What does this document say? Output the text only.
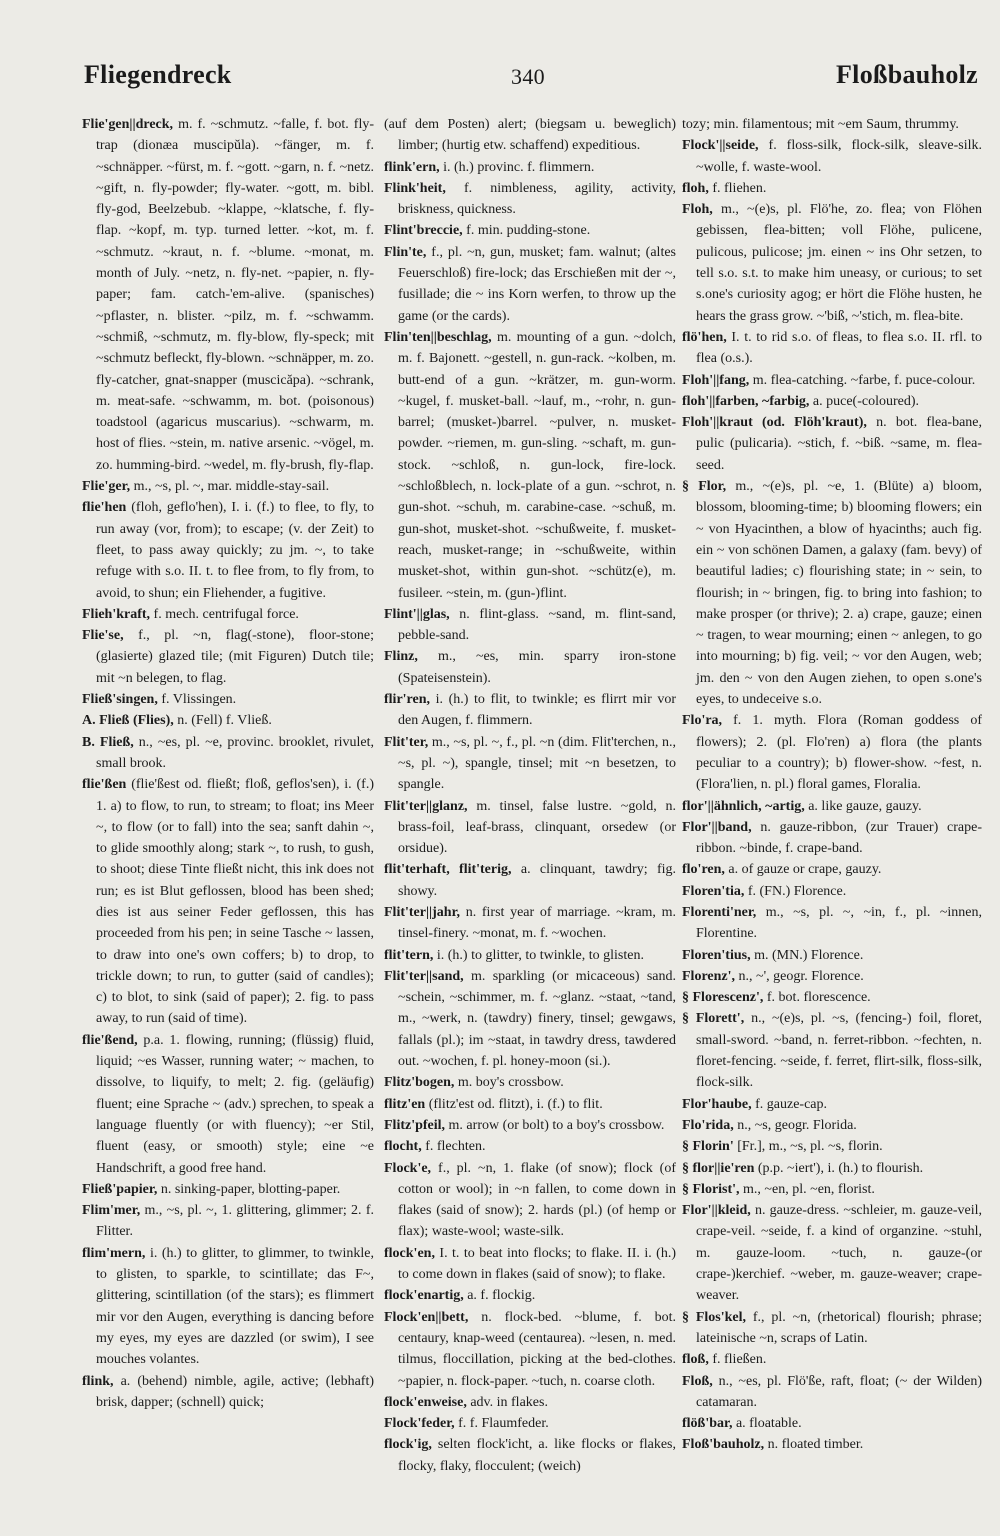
Fliegendreck	340	Floßbauholz

Flie'gen||dreck, m. f. ~schmutz. ~falle, f. bot. fly-trap (dionæa muscipŭla). ~fänger, m. f. ~schnäpper. ~fürst, m. f. ~gott. ~garn, n. f. ~netz. ~gift, n. fly-powder; fly-water. ~gott, m. bibl. fly-god, Beelzebub. ~klappe, ~klatsche, f. fly-flap. ~kopf, m. typ. turned letter. ~kot, m. f. ~schmutz. ~kraut, n. f. ~blume. ~monat, m. month of July. ~netz, n. fly-net. ~papier, n. fly-paper; fam. catch-'em-alive. (spanisches) ~pflaster, n. blister. ~pilz, m. f. ~schwamm. ~schmiß, ~schmutz, m. fly-blow, fly-speck; mit ~schmutz befleckt, fly-blown. ~schnäpper, m. zo. fly-catcher, gnat-snapper (muscicăpa). ~schrank, m. meat-safe. ~schwamm, m. bot. (poisonous) toadstool (agaricus muscarius). ~schwarm, m. host of flies. ~stein, m. native arsenic. ~vögel, m. zo. humming-bird. ~wedel, m. fly-brush, fly-flap.

Flie'ger, m., ~s, pl. ~, mar. middle-stay-sail.

flie'hen (floh, geflo'hen), I. i. (f.) to flee, to fly, to run away (vor, from); to escape; (v. der Zeit) to fleet, to pass away quickly; zu jm. ~, to take refuge with s.o. II. t. to flee from, to fly from, to avoid, to shun; ein Fliehender, a fugitive.

Flieh'kraft, f. mech. centrifugal force.

Flie'se, f., pl. ~n, flag(-stone), floor-stone; (glasierte) glazed tile; (mit Figuren) Dutch tile; mit ~n belegen, to flag.

Fließ'singen, f. Vlissingen.

A. Fließ (Flies), n. (Fell) f. Vließ.

B. Fließ, n., ~es, pl. ~e, provinc. brooklet, rivulet, small brook.

flie'ßen (flie'ßest od. fließt; floß, geflos'sen), i. (f.) 1. a) to flow, to run, to stream; to float; ins Meer ~, to flow (or to fall) into the sea; sanft dahin ~, to glide smoothly along; stark ~, to rush, to gush, to shoot; diese Tinte fließt nicht, this ink does not run; es ist Blut geflossen, blood has been shed; dies ist aus seiner Feder geflossen, this has proceeded from his pen; in seine Tasche ~ lassen, to draw into one's own coffers; b) to drop, to trickle down; to run, to gutter (said of candles); c) to blot, to sink (said of paper); 2. fig. to pass away, to run (said of time).

flie'ßend, p.a. 1. flowing, running; (flüssig) fluid, liquid; ~es Wasser, running water; ~ machen, to dissolve, to liquify, to melt; 2. fig. (geläufig) fluent; eine Sprache ~ (adv.) sprechen, to speak a language fluently (or with fluency); ~er Stil, fluent (easy, or smooth) style; eine ~e Handschrift, a good free hand.

Fließ'papier, n. sinking-paper, blotting-paper.

Flim'mer, m., ~s, pl. ~, 1. glittering, glimmer; 2. f. Flitter.

flim'mern, i. (h.) to glitter, to glimmer, to twinkle, to glisten, to sparkle, to scintillate; das F~, glittering, scintillation (of the stars); es flimmert mir vor den Augen, everything is dancing before my eyes, my eyes are dazzled (or swim), I see mouches volantes.

flink, a. (behend) nimble, agile, active; (lebhaft) brisk, dapper; (schnell) quick;

(auf dem Posten) alert; (biegsam u. beweglich) limber; (hurtig etw. schaffend) expeditious.

flink'ern, i. (h.) provinc. f. flimmern.

Flink'heit, f. nimbleness, agility, activity, briskness, quickness.

Flint'breccie, f. min. pudding-stone.

Flin'te, f., pl. ~n, gun, musket; fam. walnut; (altes Feuerschloß) fire-lock; das Erschießen mit der ~, fusillade; die ~ ins Korn werfen, to throw up the game (or the cards).

Flin'ten||beschlag, m. mounting of a gun. ~dolch, m. f. Bajonett. ~gestell, n. gun-rack. ~kolben, m. butt-end of a gun. ~krätzer, m. gun-worm. ~kugel, f. musket-ball. ~lauf, m., ~rohr, n. gun-barrel; (musket-)barrel. ~pulver, n. musket-powder. ~riemen, m. gun-sling. ~schaft, m. gun-stock. ~schloß, n. gun-lock, fire-lock. ~schloßblech, n. lock-plate of a gun. ~schrot, n. gun-shot. ~schuh, m. carabine-case. ~schuß, m. gun-shot, musket-shot. ~schußweite, f. musket-reach, musket-range; in ~schußweite, within musket-shot, within gun-shot. ~schütz(e), m. fusileer. ~stein, m. (gun-)flint.

Flint'||glas, n. flint-glass. ~sand, m. flint-sand, pebble-sand.

Flinz, m., ~es, min. sparry iron-stone (Spateisenstein).

flir'ren, i. (h.) to flit, to twinkle; es flirrt mir vor den Augen, f. flimmern.

Flit'ter, m., ~s, pl. ~, f., pl. ~n (dim. Flit'terchen, n., ~s, pl. ~), spangle, tinsel; mit ~n besetzen, to spangle.

Flit'ter||glanz, m. tinsel, false lustre. ~gold, n. brass-foil, leaf-brass, clinquant, orsedew (or orsidue).

flit'terhaft, flit'terig, a. clinquant, tawdry; fig. showy.

Flit'ter||jahr, n. first year of marriage. ~kram, m. tinsel-finery. ~monat, m. f. ~wochen.

flit'tern, i. (h.) to glitter, to twinkle, to glisten.

Flit'ter||sand, m. sparkling (or micaceous) sand. ~schein, ~schimmer, m. f. ~glanz. ~staat, ~tand, m., ~werk, n. (tawdry) finery, tinsel; gewgaws, fallals (pl.); im ~staat, in tawdry dress, tawdered out. ~wochen, f. pl. honey-moon (si.).

Flitz'bogen, m. boy's crossbow.

flitz'en (flitz'est od. flitzt), i. (f.) to flit.

Flitz'pfeil, m. arrow (or bolt) to a boy's crossbow.

flocht, f. flechten.

Flock'e, f., pl. ~n, 1. flake (of snow); flock (of cotton or wool); in ~n fallen, to come down in flakes (said of snow); 2. hards (pl.) (of hemp or flax); waste-wool; waste-silk.

flock'en, I. t. to beat into flocks; to flake. II. i. (h.) to come down in flakes (said of snow); to flake.

flock'enartig, a. f. flockig.

Flock'en||bett, n. flock-bed. ~blume, f. bot. centaury, knap-weed (centaurea). ~lesen, n. med. tilmus, floccillation, picking at the bed-clothes. ~papier, n. flock-paper. ~tuch, n. coarse cloth.

flock'enweise, adv. in flakes.

Flock'feder, f. f. Flaumfeder.

flock'ig, selten flock'icht, a. like flocks or flakes, flocky, flaky, flocculent; (weich)

tozy; min. filamentous; mit ~em Saum, thrummy.

Flock'||seide, f. floss-silk, flock-silk, sleave-silk. ~wolle, f. waste-wool.

floh, f. fliehen.

Floh, m., ~(e)s, pl. Flö'he, zo. flea; von Flöhen gebissen, flea-bitten; voll Flöhe, pulicene, pulicous, pulicose; jm. einen ~ ins Ohr setzen, to tell s.o. s.t. to make him uneasy, or curious; to set s.one's curiosity agog; er hört die Flöhe husten, he hears the grass grow. ~'biß, ~'stich, m. flea-bite.

flö'hen, I. t. to rid s.o. of fleas, to flea s.o. II. rfl. to flea (o.s.).

Floh'||fang, m. flea-catching. ~farbe, f. puce-colour.

floh'||farben, ~farbig, a. puce(-coloured).

Floh'||kraut (od. Flöh'kraut), n. bot. flea-bane, pulic (pulicaria). ~stich, f. ~biß. ~same, m. flea-seed.

§ Flor, m., ~(e)s, pl. ~e, 1. (Blüte) a) bloom, blossom, blooming-time; b) blooming flowers; ein ~ von Hyacinthen, a blow of hyacinths; auch fig. ein ~ von schönen Damen, a galaxy (fam. bevy) of beautiful ladies; c) flourishing state; in ~ sein, to flourish; in ~ bringen, fig. to bring into fashion; to make prosper (or thrive); 2. a) crape, gauze; einen ~ tragen, to wear mourning; einen ~ anlegen, to go into mourning; b) fig. veil; ~ vor den Augen, web; jm. den ~ von den Augen ziehen, to open s.one's eyes, to undeceive s.o.

Flo'ra, f. 1. myth. Flora (Roman goddess of flowers); 2. (pl. Flo'ren) a) flora (the plants peculiar to a country); b) flower-show. ~fest, n. (Flora'lien, n. pl.) floral games, Floralia.

flor'||ähnlich, ~artig, a. like gauze, gauzy.

Flor'||band, n. gauze-ribbon, (zur Trauer) crape-ribbon. ~binde, f. crape-band.

flo'ren, a. of gauze or crape, gauzy.

Floren'tia, f. (FN.) Florence.

Florenti'ner, m., ~s, pl. ~, ~in, f., pl. ~innen, Florentine.

Floren'tius, m. (MN.) Florence.

Florenz', n., ~', geogr. Florence.

§ Florescenz', f. bot. florescence.

§ Florett', n., ~(e)s, pl. ~s, (fencing-) foil, floret, small-sword. ~band, n. ferret-ribbon. ~fechten, n. floret-fencing. ~seide, f. ferret, flirt-silk, floss-silk, flock-silk.

Flor'haube, f. gauze-cap.

Flo'rida, n., ~s, geogr. Florida.

§ Florin' [Fr.], m., ~s, pl. ~s, florin.

§ flor||ie'ren (p.p. ~iert'), i. (h.) to flourish.

§ Florist', m., ~en, pl. ~en, florist.

Flor'||kleid, n. gauze-dress. ~schleier, m. gauze-veil, crape-veil. ~seide, f. a kind of organzine. ~stuhl, m. gauze-loom. ~tuch, n. gauze-(or crape-)kerchief. ~weber, m. gauze-weaver; crape-weaver.

§ Flos'kel, f., pl. ~n, (rhetorical) flourish; phrase; lateinische ~n, scraps of Latin.

floß, f. fließen.

Floß, n., ~es, pl. Flö'ße, raft, float; (~ der Wilden) catamaran.

flöß'bar, a. floatable.

Floß'bauholz, n. floated timber.
